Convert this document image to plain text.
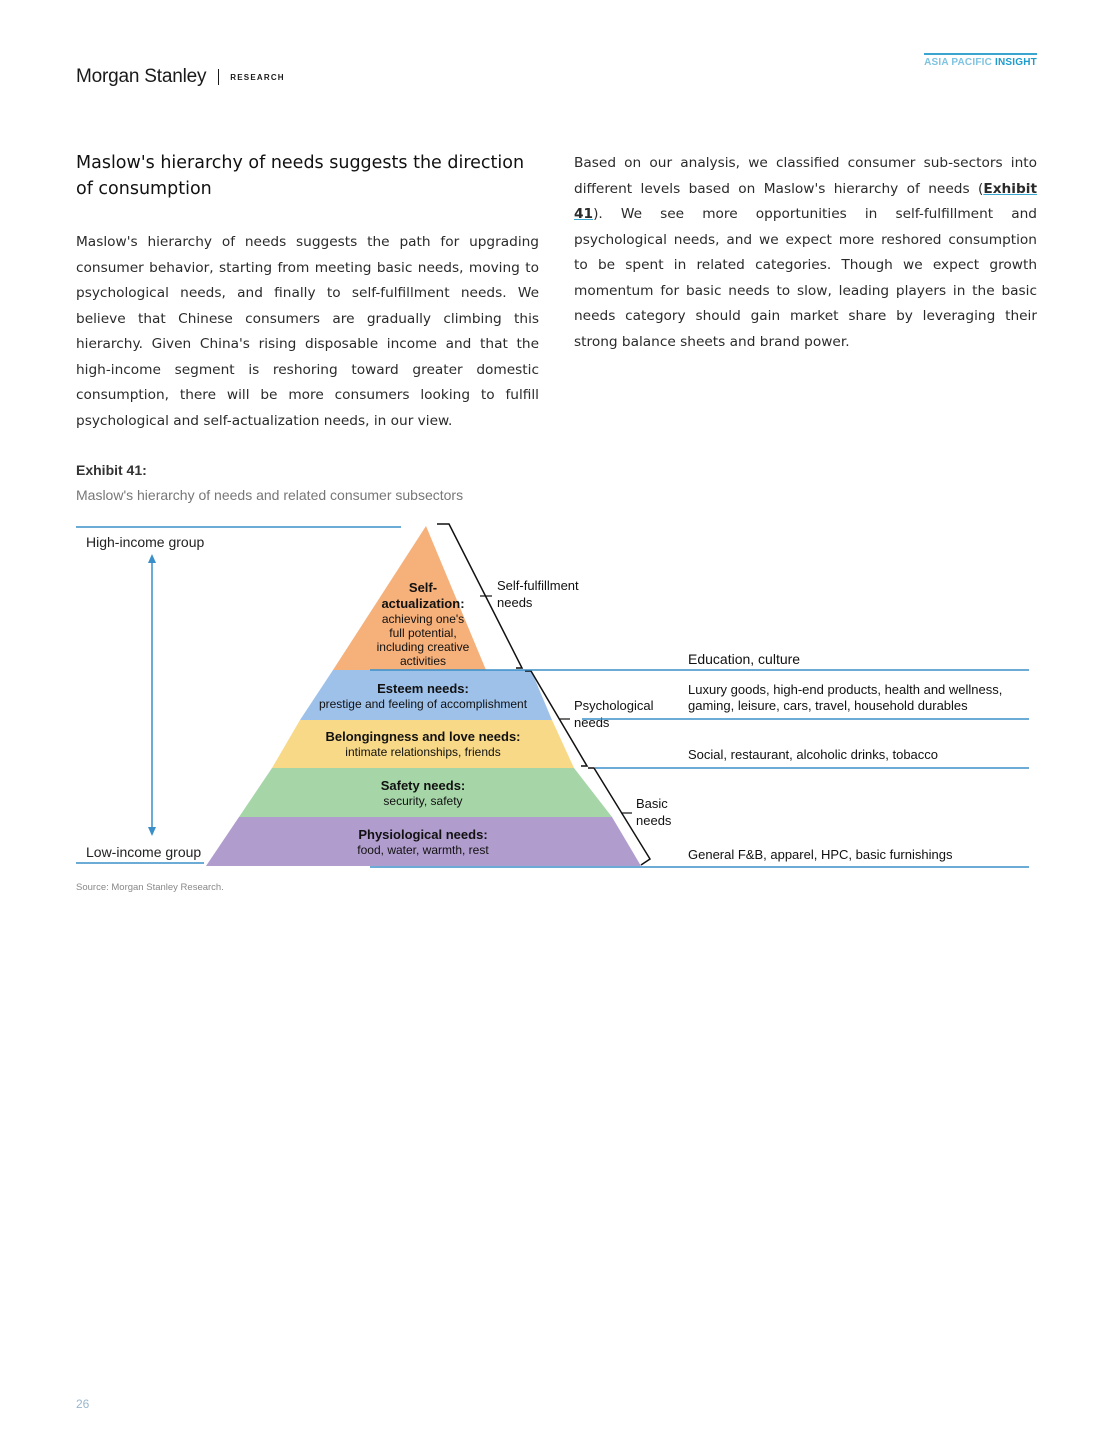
Morgan Stanley	RESEARCH
ASIA PACIFIC INSIGHT
Maslow's hierarchy of needs suggests the direction of consumption

Maslow's hierarchy of needs suggests the path for upgrading consumer behavior, starting from meeting basic needs, moving to psychological needs, and finally to self-fulfillment needs. We believe that Chinese consumers are gradually climbing this hierarchy. Given China's rising disposable income and that the high-income segment is reshoring toward greater domestic consumption, there will be more consumers looking to fulfill psychological and self-actualization needs, in our view.

Based on our analysis, we classified consumer sub-sectors into different levels based on Maslow's hierarchy of needs (Exhibit 41). We see more opportunities in self-fulfillment and psychological needs, and we expect more reshored consumption to be spent in related categories. Though we expect growth momentum for basic needs to slow, leading players in the basic needs category should gain market share by leveraging their strong balance sheets and brand power.

Exhibit 41:
Maslow's hierarchy of needs and related consumer subsectors
High-income group
Low-income group
Self-
actualization:
achieving one's
full potential,
including creative
activities
Esteem needs:
prestige and feeling of accomplishment
Belongingness and love needs:
intimate relationships, friends
Safety needs:
security, safety
Physiological needs:
food, water, warmth, rest
Self-fulfillment
needs
Psychological
needs
Basic
needs
Education, culture
Luxury goods, high-end products, health and wellness,
gaming, leisure, cars, travel, household durables
Social, restaurant, alcoholic drinks, tobacco
General F&B, apparel, HPC, basic furnishings
Source: Morgan Stanley Research.
26
